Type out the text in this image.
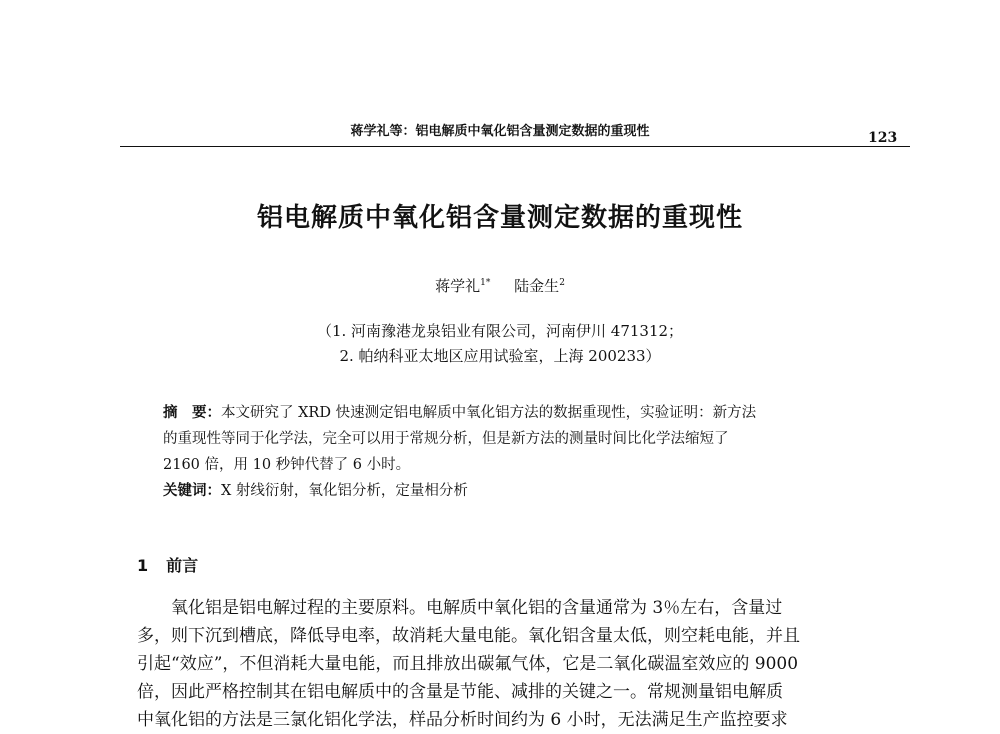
蒋学礼等：铝电解质中氧化铝含量测定数据的重现性	123
铝电解质中氧化铝含量测定数据的重现性
蒋学礼$^{1*}$ 陆金生$^2$
（1. 河南豫港龙泉铝业有限公司，河南伊川 471312；
2. 帕纳科亚太地区应用试验室，上海 200233）

摘　要：本文研究了 XRD 快速测定铝电解质中氧化铝方法的数据重现性，实验证明：新方法

的重现性等同于化学法，完全可以用于常规分析，但是新方法的测量时间比化学法缩短了

2160 倍，用 10 秒钟代替了 6 小时。

关键词：X 射线衍射，氧化铝分析，定量相分析

1 前言

　　氧化铝是铝电解过程的主要原料。电解质中氧化铝的含量通常为 3％左右，含量过

多，则下沉到槽底，降低导电率，故消耗大量电能。氧化铝含量太低，则空耗电能，并且

引起“效应”，不但消耗大量电能，而且排放出碳氟气体，它是二氧化碳温室效应的 9000

倍，因此严格控制其在铝电解质中的含量是节能、减排的关键之一。常规测量铝电解质

中氧化铝的方法是三氯化铝化学法，样品分析时间约为 6 小时，无法满足生产监控要求
